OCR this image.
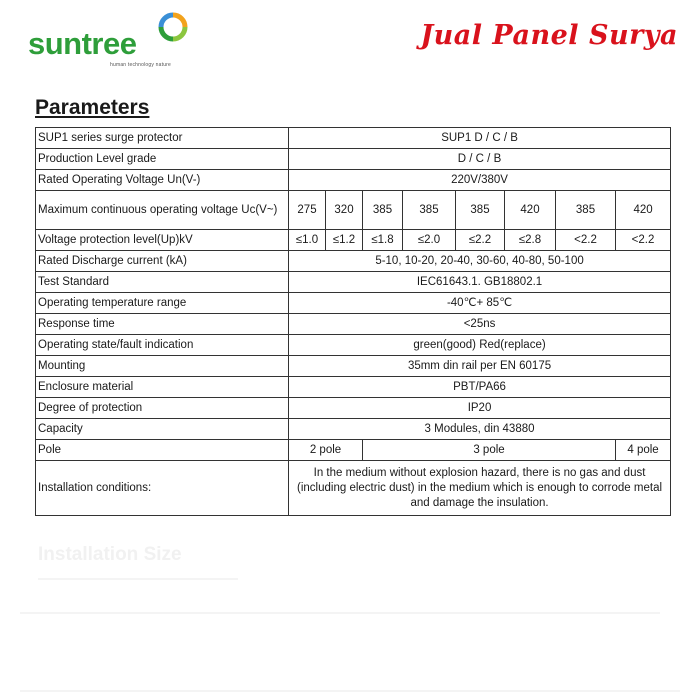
suntree
human technology nature
Jual Panel Surya
Parameters
SUP1 series surge protector	SUP1 D / C / B							
Production Level grade	D / C / B							
Rated Operating Voltage Un(V-)	220V/380V							
Maximum continuous operating voltage Uc(V~)	275	320	385	385	385	420	385	420
Voltage protection level(Up)kV	≤1.0	≤1.2	≤1.8	≤2.0	≤2.2	≤2.8	<2.2	<2.2
Rated Discharge current (kA)	5-10, 10-20, 20-40, 30-60, 40-80, 50-100							
Test Standard	IEC61643.1. GB18802.1							
Operating temperature range	-40℃+ 85℃							
Response time	<25ns							
Operating state/fault indication	green(good) Red(replace)							
Mounting	35mm din rail per EN 60175							
Enclosure material	PBT/PA66							
Degree of protection	IP20							
Capacity	3 Modules, din 43880							
Pole	2 pole		3 pole					4 pole
Installation conditions:	In the medium without explosion hazard, there is no gas and dust (including electric dust) in the medium which is enough to corrode metal and damage the insulation.							
Installation Size
